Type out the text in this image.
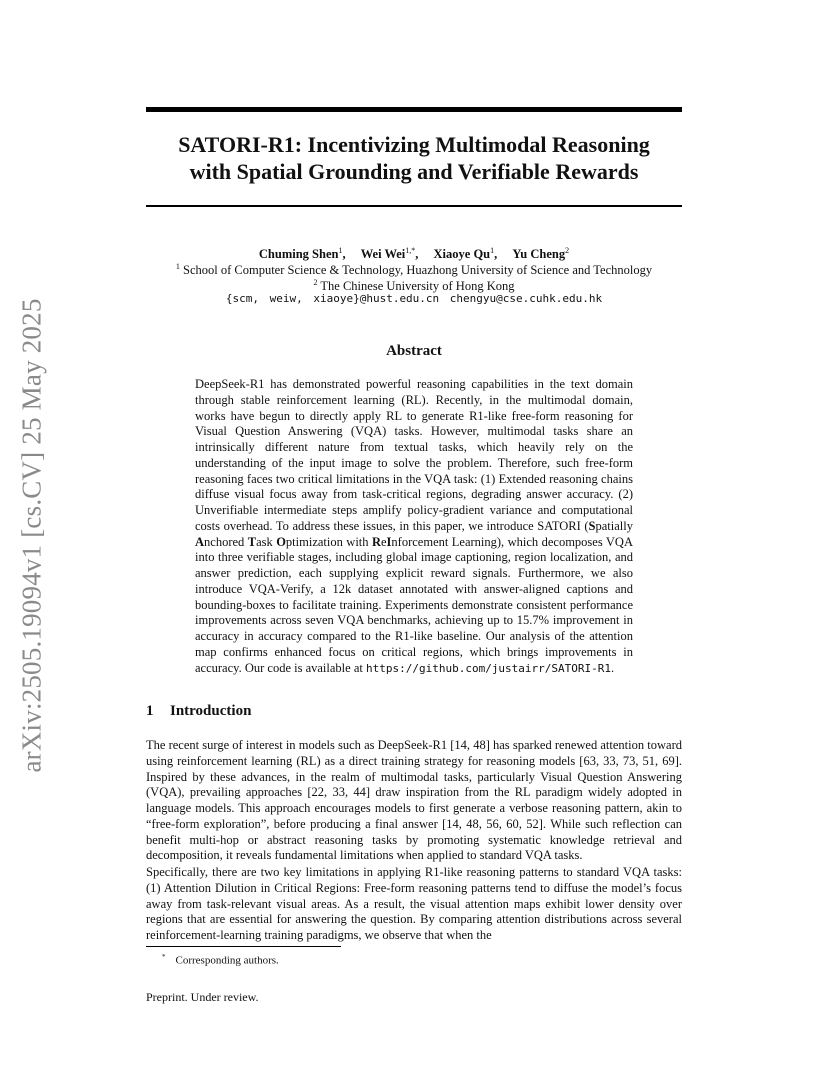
arXiv:2505.19094v1 [cs.CV] 25 May 2025
SATORI-R1: Incentivizing Multimodal Reasoning
with Spatial Grounding and Verifiable Rewards
Chuming Shen$^1$, Wei Wei$^{1,*}$, Xiaoye Qu$^1$, Yu Cheng$^2$
$^1$ School of Computer Science & Technology, Huazhong University of Science and Technology
$^2$ The Chinese University of Hong Kong
{scm, weiw, xiaoye}@hust.edu.cn chengyu@cse.cuhk.edu.hk
Abstract

DeepSeek-R1 has demonstrated powerful reasoning capabilities in the text domain through stable reinforcement learning (RL). Recently, in the multimodal domain, works have begun to directly apply RL to generate R1-like free-form reasoning for Visual Question Answering (VQA) tasks. However, multimodal tasks share an intrinsically different nature from textual tasks, which heavily rely on the understanding of the input image to solve the problem. Therefore, such free-form reasoning faces two critical limitations in the VQA task: (1) Extended reasoning chains diffuse visual focus away from task-critical regions, degrading answer accuracy. (2) Unverifiable intermediate steps amplify policy-gradient variance and computational costs overhead. To address these issues, in this paper, we introduce SATORI (Spatially Anchored Task Optimization with ReInforcement Learning), which decomposes VQA into three verifiable stages, including global image captioning, region localization, and answer prediction, each supplying explicit reward signals. Furthermore, we also introduce VQA-Verify, a 12k dataset annotated with answer-aligned captions and bounding-boxes to facilitate training. Experiments demonstrate consistent performance improvements across seven VQA benchmarks, achieving up to 15.7% improvement in accuracy in accuracy compared to the R1-like baseline. Our analysis of the attention map confirms enhanced focus on critical regions, which brings improvements in accuracy. Our code is available at https://github.com/justairr/SATORI-R1.

1 Introduction

The recent surge of interest in models such as DeepSeek-R1 [14, 48] has sparked renewed attention toward using reinforcement learning (RL) as a direct training strategy for reasoning models [63, 33, 73, 51, 69]. Inspired by these advances, in the realm of multimodal tasks, particularly Visual Question Answering (VQA), prevailing approaches [22, 33, 44] draw inspiration from the RL paradigm widely adopted in language models. This approach encourages models to first generate a verbose reasoning pattern, akin to “free-form exploration”, before producing a final answer [14, 48, 56, 60, 52]. While such reflection can benefit multi-hop or abstract reasoning tasks by promoting systematic knowledge retrieval and decomposition, it reveals fundamental limitations when applied to standard VQA tasks.

Specifically, there are two key limitations in applying R1-like reasoning patterns to standard VQA tasks: (1) Attention Dilution in Critical Regions: Free-form reasoning patterns tend to diffuse the model’s focus away from task-relevant visual areas. As a result, the visual attention maps exhibit lower density over regions that are essential for answering the question. By comparing attention distributions across several reinforcement-learning training paradigms, we observe that when the

* Corresponding authors.
Preprint. Under review.
